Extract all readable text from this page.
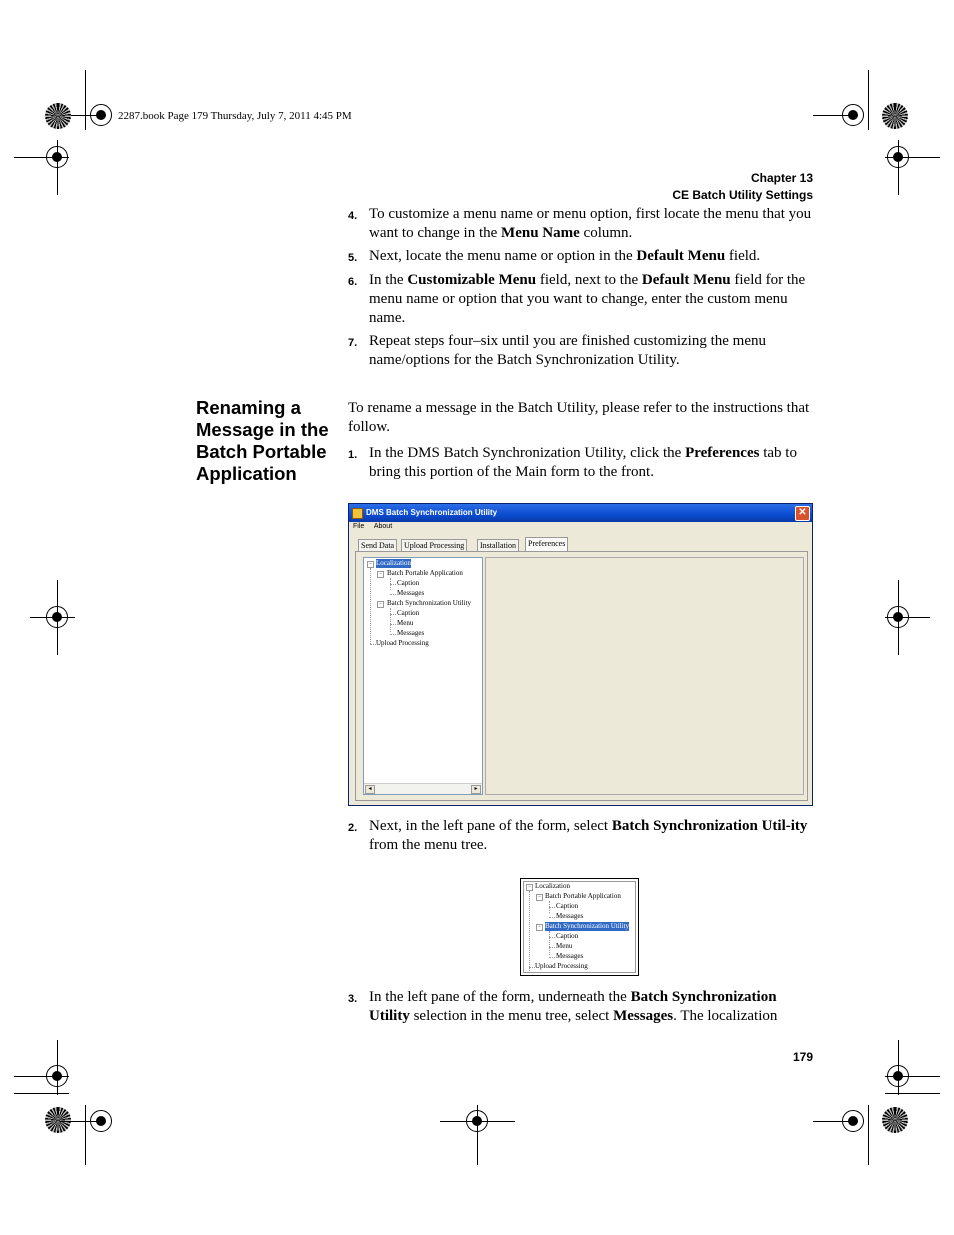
2287.book Page 179 Thursday, July 7, 2011 4:45 PM
Chapter 13
CE Batch Utility Settings
4. To customize a menu name or menu option, first locate the menu that you want to change in the Menu Name column.
5. Next, locate the menu name or option in the Default Menu field.
6. In the Customizable Menu field, next to the Default Menu field for the menu name or option that you want to change, enter the custom menu name.
7. Repeat steps four–six until you are finished customizing the menu name/options for the Batch Synchronization Utility.
Renaming a Message in the Batch Portable Application
To rename a message in the Batch Utility, please refer to the instructions that follow.
1. In the DMS Batch Synchronization Utility, click the Preferences tab to bring this portion of the Main form to the front.
DMS Batch Synchronization Utility	✕
File About
Send Data	Upload Processing	Installation	Preferences
− Localization
− Batch Portable Application
Caption
Messages
− Batch Synchronization Utility
Caption
Menu
Messages
Upload Processing
◂	▸
2. Next, in the left pane of the form, select Batch Synchronization Util-ity from the menu tree.
− Localization
− Batch Portable Application
Caption
Messages
− Batch Synchronization Utility
Caption
Menu
Messages
Upload Processing
3. In the left pane of the form, underneath the Batch Synchronization Utility selection in the menu tree, select Messages. The localization
179
